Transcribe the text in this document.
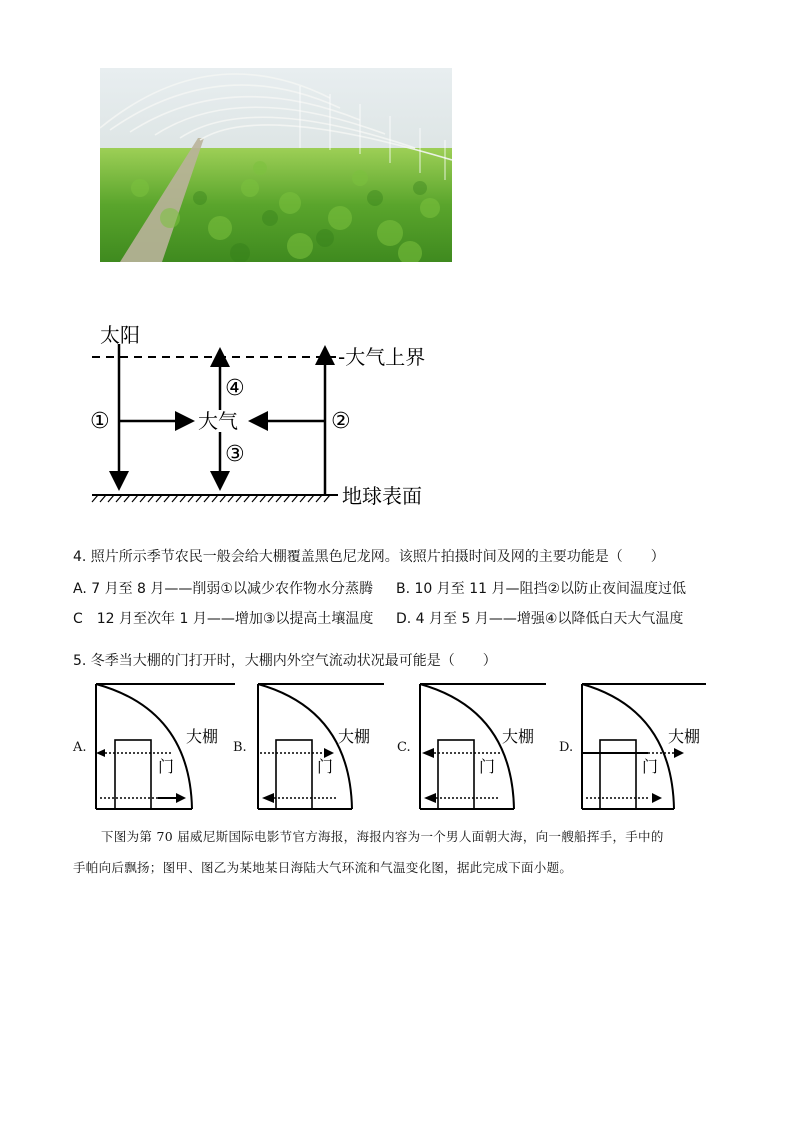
太阳
-大气上界
大气
地球表面
①	②
③
④
4. 照片所示季节农民一般会给大棚覆盖黑色尼龙网。该照片拍摄时间及网的主要功能是（　　）
A. 7 月至 8 月——削弱①以减少农作物水分蒸腾 B. 10 月至 11 月—阻挡②以防止夜间温度过低
C　12 月至次年 1 月——增加③以提高土壤温度 D. 4 月至 5 月——增强④以降低白天大气温度
5. 冬季当大棚的门打开时，大棚内外空气流动状况最可能是（　　）
A.
大棚
门
B.
大棚
门
C.
大棚
门
D.
大棚
门
下图为第 70 届威尼斯国际电影节官方海报，海报内容为一个男人面朝大海，向一艘船挥手，手中的
手帕向后飘扬；图甲、图乙为某地某日海陆大气环流和气温变化图，据此完成下面小题。
